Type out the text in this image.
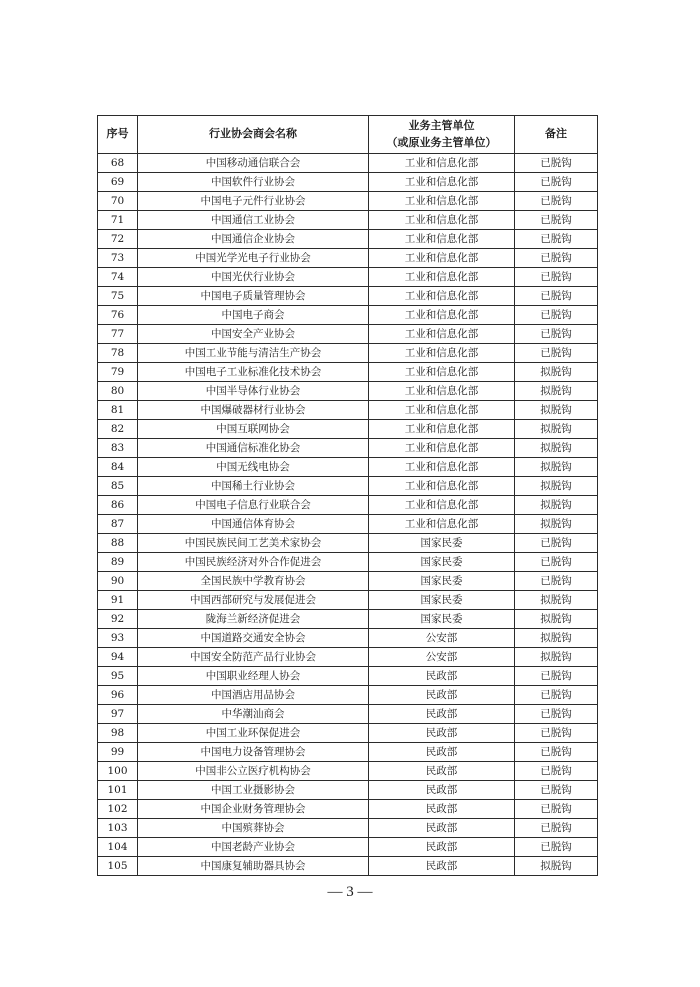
序号	行业协会商会名称	业务主管单位
（或原业务主管单位）	备注
68	中国移动通信联合会	工业和信息化部	已脱钩
69	中国软件行业协会	工业和信息化部	已脱钩
70	中国电子元件行业协会	工业和信息化部	已脱钩
71	中国通信工业协会	工业和信息化部	已脱钩
72	中国通信企业协会	工业和信息化部	已脱钩
73	中国光学光电子行业协会	工业和信息化部	已脱钩
74	中国光伏行业协会	工业和信息化部	已脱钩
75	中国电子质量管理协会	工业和信息化部	已脱钩
76	中国电子商会	工业和信息化部	已脱钩
77	中国安全产业协会	工业和信息化部	已脱钩
78	中国工业节能与清洁生产协会	工业和信息化部	已脱钩
79	中国电子工业标准化技术协会	工业和信息化部	拟脱钩
80	中国半导体行业协会	工业和信息化部	拟脱钩
81	中国爆破器材行业协会	工业和信息化部	拟脱钩
82	中国互联网协会	工业和信息化部	拟脱钩
83	中国通信标准化协会	工业和信息化部	拟脱钩
84	中国无线电协会	工业和信息化部	拟脱钩
85	中国稀土行业协会	工业和信息化部	拟脱钩
86	中国电子信息行业联合会	工业和信息化部	拟脱钩
87	中国通信体育协会	工业和信息化部	拟脱钩
88	中国民族民间工艺美术家协会	国家民委	已脱钩
89	中国民族经济对外合作促进会	国家民委	已脱钩
90	全国民族中学教育协会	国家民委	已脱钩
91	中国西部研究与发展促进会	国家民委	拟脱钩
92	陇海兰新经济促进会	国家民委	拟脱钩
93	中国道路交通安全协会	公安部	拟脱钩
94	中国安全防范产品行业协会	公安部	拟脱钩
95	中国职业经理人协会	民政部	已脱钩
96	中国酒店用品协会	民政部	已脱钩
97	中华潮汕商会	民政部	已脱钩
98	中国工业环保促进会	民政部	已脱钩
99	中国电力设备管理协会	民政部	已脱钩
100	中国非公立医疗机构协会	民政部	已脱钩
101	中国工业摄影协会	民政部	已脱钩
102	中国企业财务管理协会	民政部	已脱钩
103	中国殡葬协会	民政部	已脱钩
104	中国老龄产业协会	民政部	已脱钩
105	中国康复辅助器具协会	民政部	拟脱钩
— 3 —
